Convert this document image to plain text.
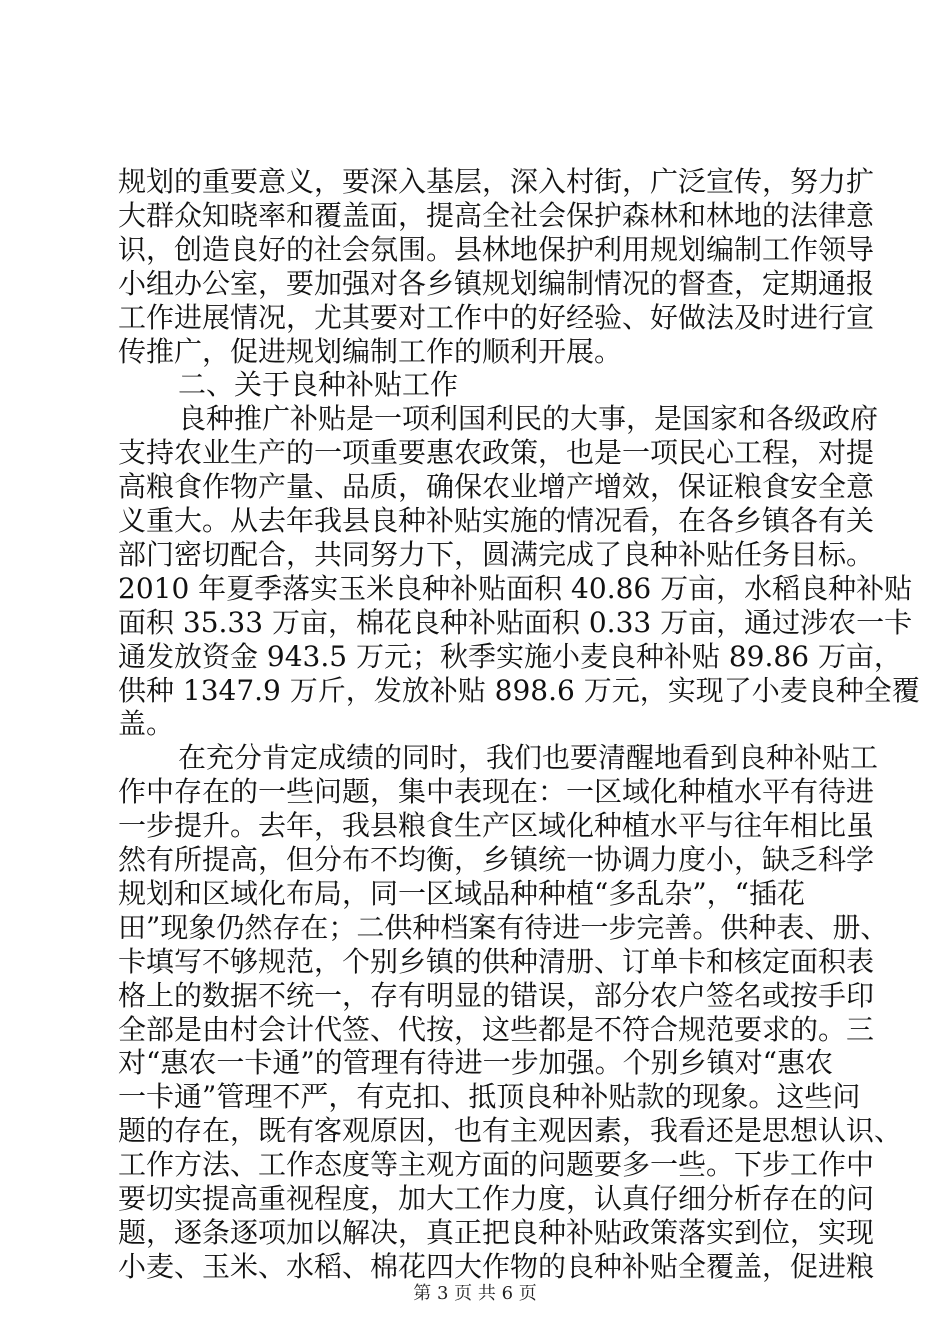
规划的重要意义，要深入基层，深入村街，广泛宣传，努力扩
大群众知晓率和覆盖面，提高全社会保护森林和林地的法律意
识，创造良好的社会氛围。县林地保护利用规划编制工作领导
小组办公室，要加强对各乡镇规划编制情况的督查，定期通报
工作进展情况，尤其要对工作中的好经验、好做法及时进行宣
传推广，促进规划编制工作的顺利开展。
二、关于良种补贴工作
良种推广补贴是一项利国利民的大事，是国家和各级政府
支持农业生产的一项重要惠农政策，也是一项民心工程，对提
高粮食作物产量、品质，确保农业增产增效，保证粮食安全意
义重大。从去年我县良种补贴实施的情况看，在各乡镇各有关
部门密切配合，共同努力下，圆满完成了良种补贴任务目标。
2010 年夏季落实玉米良种补贴面积 40.86 万亩，水稻良种补贴
面积 35.33 万亩，棉花良种补贴面积 0.33 万亩，通过涉农一卡
通发放资金 943.5 万元；秋季实施小麦良种补贴 89.86 万亩，
供种 1347.9 万斤，发放补贴 898.6 万元，实现了小麦良种全覆
盖。
在充分肯定成绩的同时，我们也要清醒地看到良种补贴工
作中存在的一些问题，集中表现在：一区域化种植水平有待进
一步提升。去年，我县粮食生产区域化种植水平与往年相比虽
然有所提高，但分布不均衡，乡镇统一协调力度小，缺乏科学
规划和区域化布局，同一区域品种种植“多乱杂”，“插花
田”现象仍然存在；二供种档案有待进一步完善。供种表、册、
卡填写不够规范，个别乡镇的供种清册、订单卡和核定面积表
格上的数据不统一，存有明显的错误，部分农户签名或按手印
全部是由村会计代签、代按，这些都是不符合规范要求的。三
对“惠农一卡通”的管理有待进一步加强。个别乡镇对“惠农
一卡通”管理不严，有克扣、抵顶良种补贴款的现象。这些问
题的存在，既有客观原因，也有主观因素，我看还是思想认识、
工作方法、工作态度等主观方面的问题要多一些。下步工作中
要切实提高重视程度，加大工作力度，认真仔细分析存在的问
第 3 页 共 6 页
题，逐条逐项加以解决，真正把良种补贴政策落实到位，实现
小麦、玉米、水稻、棉花四大作物的良种补贴全覆盖，促进粮
